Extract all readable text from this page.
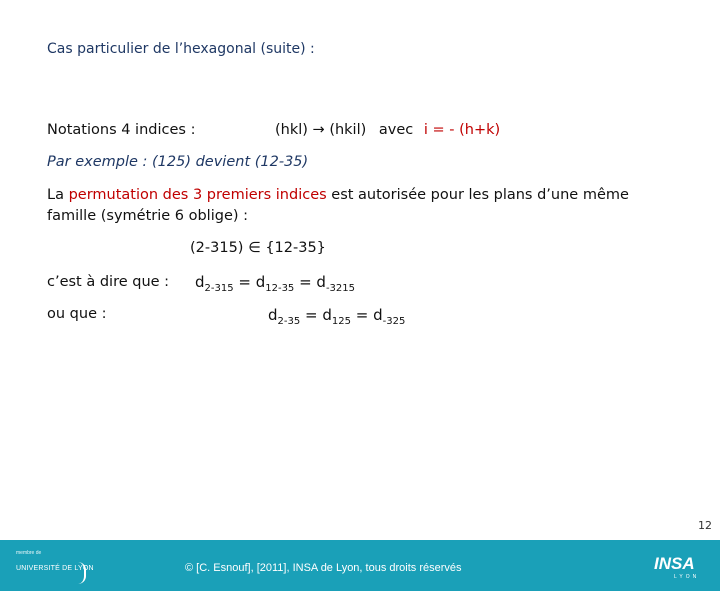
Cas particulier de l’hexagonal (suite) :
Notations 4 indices :	(hkl) → (hkil) avec i = - (h+k)
Par exemple : (125) devient (12-35)
La permutation des 3 premiers indices est autorisée pour les plans d’une même
famille (symétrie 6 oblige) :
(2-315) ∈ {12-35}
c’est à dire que : $d_{2-315} = d_{12-35} = d_{-3215}$
ou que :	$d_{2-35} = d_{125} = d_{-325}$
12
membre de
UNIVERSITÉ DE LYON	© [C. Esnouf], [2011], INSA de Lyon, tous droits réservés	INSA
LYON
